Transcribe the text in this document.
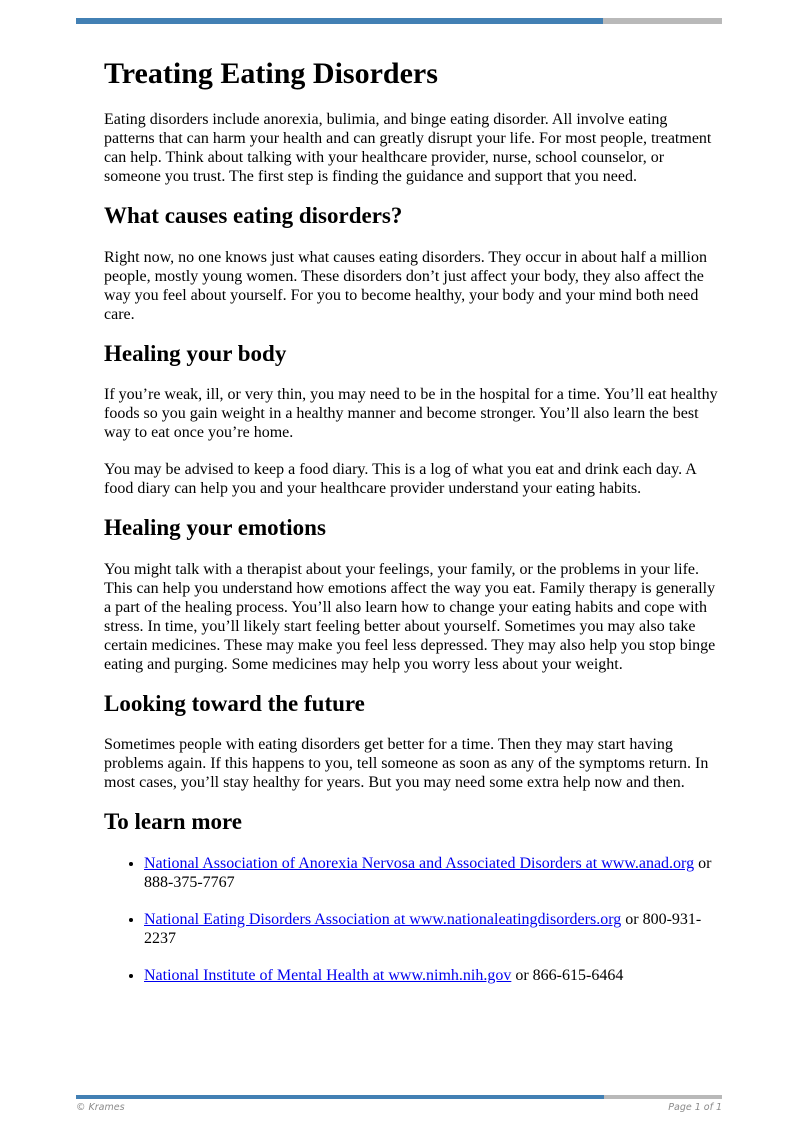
Treating Eating Disorders

Eating disorders include anorexia, bulimia, and binge eating disorder. All involve eating patterns that can harm your health and can greatly disrupt your life. For most people, treatment can help. Think about talking with your healthcare provider, nurse, school counselor, or someone you trust. The first step is finding the guidance and support that you need.

What causes eating disorders?

Right now, no one knows just what causes eating disorders. They occur in about half a million people, mostly young women. These disorders don’t just affect your body, they also affect the way you feel about yourself. For you to become healthy, your body and your mind both need care.

Healing your body

If you’re weak, ill, or very thin, you may need to be in the hospital for a time. You’ll eat healthy foods so you gain weight in a healthy manner and become stronger. You’ll also learn the best way to eat once you’re home.

You may be advised to keep a food diary. This is a log of what you eat and drink each day. A food diary can help you and your healthcare provider understand your eating habits.

Healing your emotions

You might talk with a therapist about your feelings, your family, or the problems in your life. This can help you understand how emotions affect the way you eat. Family therapy is generally a part of the healing process. You’ll also learn how to change your eating habits and cope with stress. In time, you’ll likely start feeling better about yourself. Sometimes you may also take certain medicines. These may make you feel less depressed. They may also help you stop binge eating and purging. Some medicines may help you worry less about your weight.

Looking toward the future

Sometimes people with eating disorders get better for a time. Then they may start having problems again. If this happens to you, tell someone as soon as any of the symptoms return. In most cases, you’ll stay healthy for years. But you may need some extra help now and then.

To learn more
• National Association of Anorexia Nervosa and Associated Disorders at www.anad.org or 888-375-7767
• National Eating Disorders Association at www.nationaleatingdisorders.org or 800-931-2237
• National Institute of Mental Health at www.nimh.nih.gov or 866-615-6464
© Krames	Page 1 of 1
